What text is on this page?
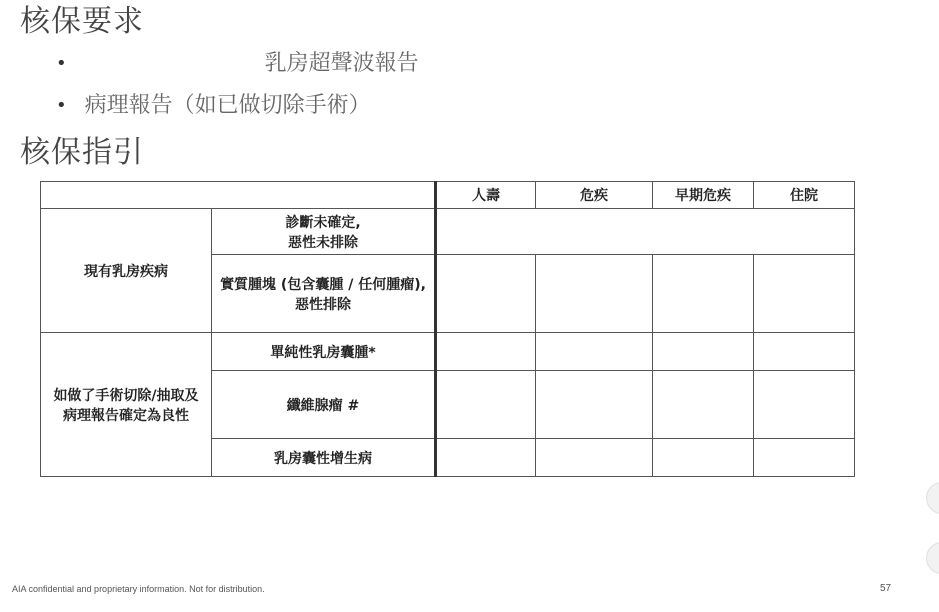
核保要求
•	乳房超聲波報告
• 病理報告（如已做切除手術）
核保指引
		人壽	危疾	早期危疾	住院
現有乳房疾病	診斷未確定,
惡性未排除				
	實質腫塊 (包含囊腫 / 任何腫瘤), 惡性排除				
如做了手術切除/抽取及 病理報告確定為良性	單純性乳房囊腫*				
	纖維腺瘤 #				
	乳房囊性增生病				
AIA confidential and proprietary information. Not for distribution.	57
